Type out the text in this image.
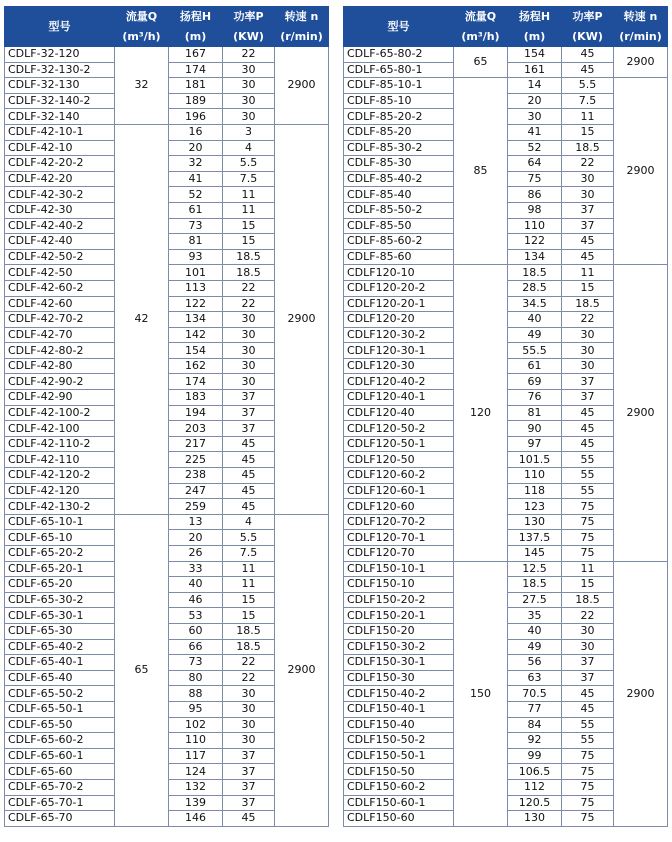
型号	流量Q	扬程H	功率P	转速 n
	(m³/h)	(m)	(KW)	(r/min)
CDLF-32-120	32	167	22	2900
CDLF-32-130-2		174	30	
CDLF-32-130		181	30	
CDLF-32-140-2		189	30	
CDLF-32-140		196	30	
CDLF-42-10-1	42	16	3	2900
CDLF-42-10		20	4	
CDLF-42-20-2		32	5.5	
CDLF-42-20		41	7.5	
CDLF-42-30-2		52	11	
CDLF-42-30		61	11	
CDLF-42-40-2		73	15	
CDLF-42-40		81	15	
CDLF-42-50-2		93	18.5	
CDLF-42-50		101	18.5	
CDLF-42-60-2		113	22	
CDLF-42-60		122	22	
CDLF-42-70-2		134	30	
CDLF-42-70		142	30	
CDLF-42-80-2		154	30	
CDLF-42-80		162	30	
CDLF-42-90-2		174	30	
CDLF-42-90		183	37	
CDLF-42-100-2		194	37	
CDLF-42-100		203	37	
CDLF-42-110-2		217	45	
CDLF-42-110		225	45	
CDLF-42-120-2		238	45	
CDLF-42-120		247	45	
CDLF-42-130-2		259	45	
CDLF-65-10-1	65	13	4	2900
CDLF-65-10		20	5.5	
CDLF-65-20-2		26	7.5	
CDLF-65-20-1		33	11	
CDLF-65-20		40	11	
CDLF-65-30-2		46	15	
CDLF-65-30-1		53	15	
CDLF-65-30		60	18.5	
CDLF-65-40-2		66	18.5	
CDLF-65-40-1		73	22	
CDLF-65-40		80	22	
CDLF-65-50-2		88	30	
CDLF-65-50-1		95	30	
CDLF-65-50		102	30	
CDLF-65-60-2		110	30	
CDLF-65-60-1		117	37	
CDLF-65-60		124	37	
CDLF-65-70-2		132	37	
CDLF-65-70-1		139	37	
CDLF-65-70		146	45	
型号	流量Q	扬程H	功率P	转速 n
	(m³/h)	(m)	(KW)	(r/min)
CDLF-65-80-2	65	154	45	2900
CDLF-65-80-1		161	45	
CDLF-85-10-1	85	14	5.5	2900
CDLF-85-10		20	7.5	
CDLF-85-20-2		30	11	
CDLF-85-20		41	15	
CDLF-85-30-2		52	18.5	
CDLF-85-30		64	22	
CDLF-85-40-2		75	30	
CDLF-85-40		86	30	
CDLF-85-50-2		98	37	
CDLF-85-50		110	37	
CDLF-85-60-2		122	45	
CDLF-85-60		134	45	
CDLF120-10	120	18.5	11	2900
CDLF120-20-2		28.5	15	
CDLF120-20-1		34.5	18.5	
CDLF120-20		40	22	
CDLF120-30-2		49	30	
CDLF120-30-1		55.5	30	
CDLF120-30		61	30	
CDLF120-40-2		69	37	
CDLF120-40-1		76	37	
CDLF120-40		81	45	
CDLF120-50-2		90	45	
CDLF120-50-1		97	45	
CDLF120-50		101.5	55	
CDLF120-60-2		110	55	
CDLF120-60-1		118	55	
CDLF120-60		123	75	
CDLF120-70-2		130	75	
CDLF120-70-1		137.5	75	
CDLF120-70		145	75	
CDLF150-10-1	150	12.5	11	2900
CDLF150-10		18.5	15	
CDLF150-20-2		27.5	18.5	
CDLF150-20-1		35	22	
CDLF150-20		40	30	
CDLF150-30-2		49	30	
CDLF150-30-1		56	37	
CDLF150-30		63	37	
CDLF150-40-2		70.5	45	
CDLF150-40-1		77	45	
CDLF150-40		84	55	
CDLF150-50-2		92	55	
CDLF150-50-1		99	75	
CDLF150-50		106.5	75	
CDLF150-60-2		112	75	
CDLF150-60-1		120.5	75	
CDLF150-60		130	75	
